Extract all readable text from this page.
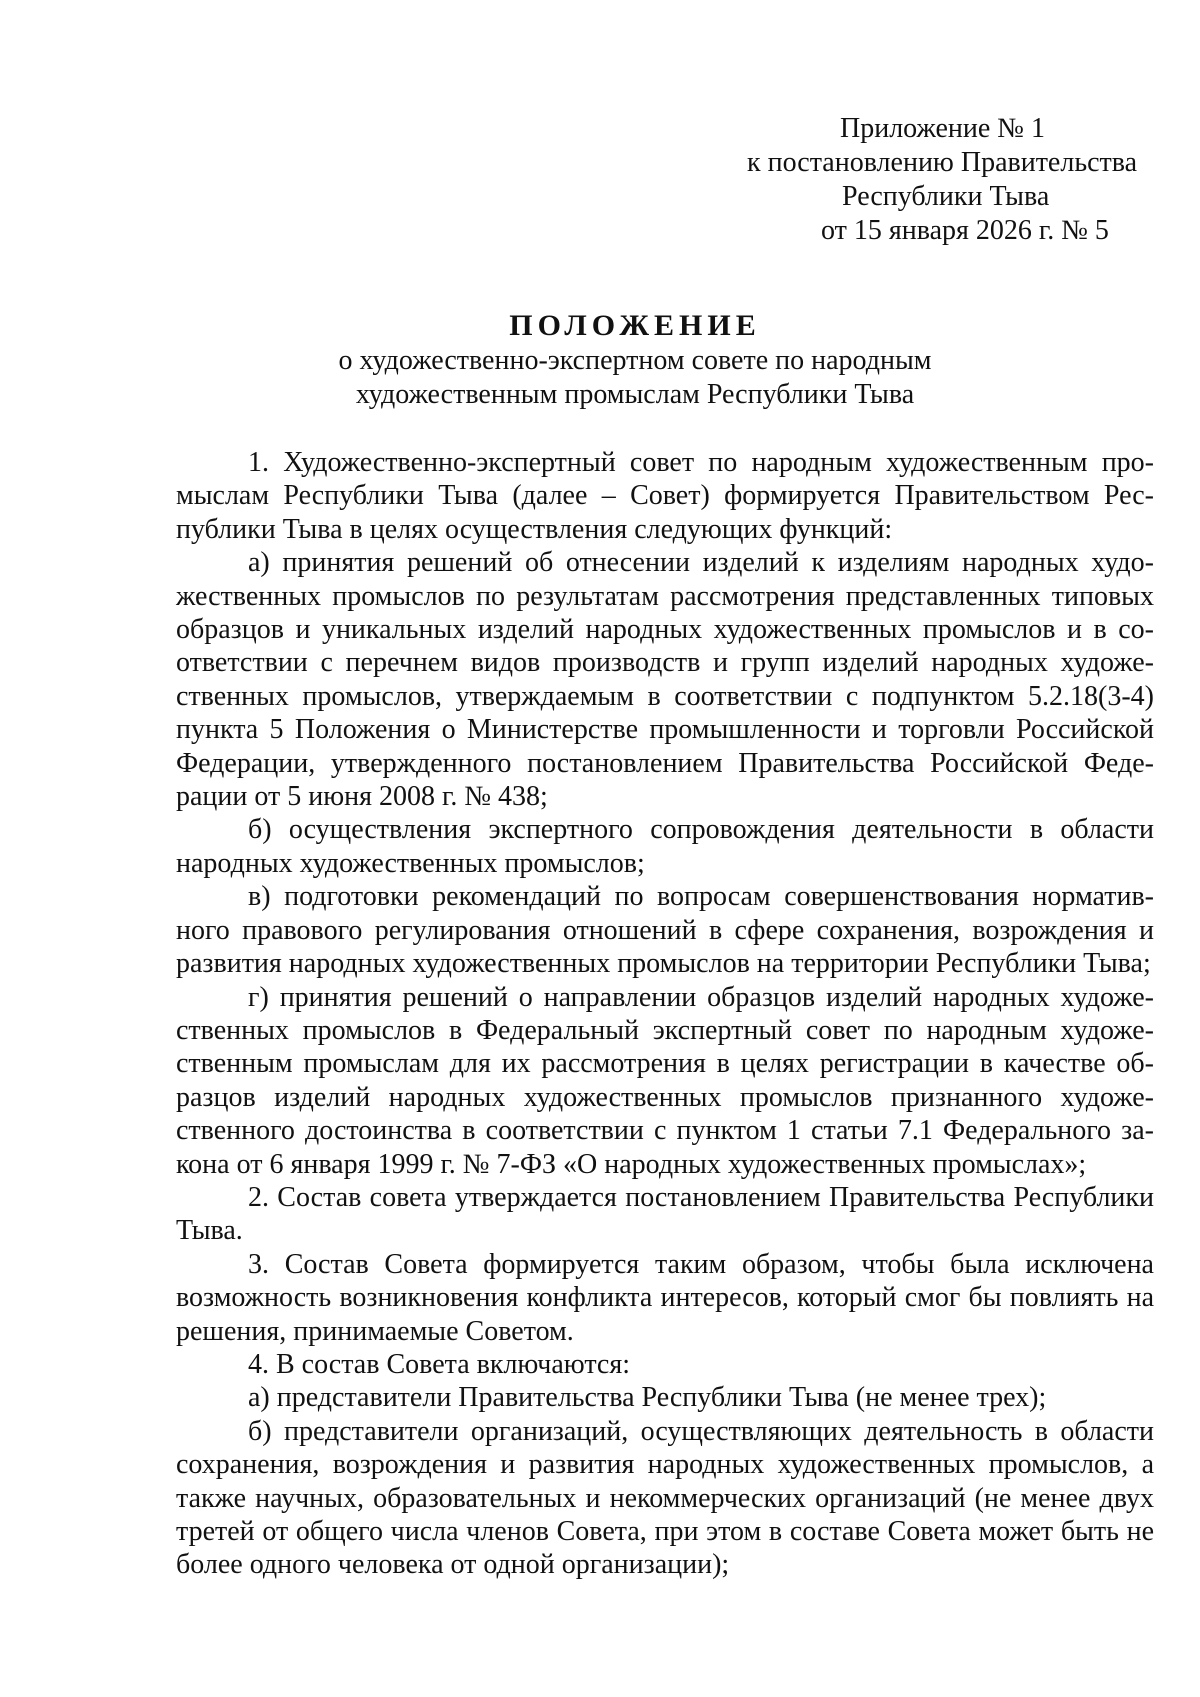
Приложение № 1
к постановлению Правительства
Республики Тыва
от 15 января 2026 г. № 5
ПОЛОЖЕНИЕ
о художественно-экспертном совете по народным
художественным промыслам Республики Тыва

1. Художественно-экспертный совет по народным художественным промыслам Республики Тыва (далее – Совет) формируется Правительством Республики Тыва в целях осуществления следующих функций:

а) принятия решений об отнесении изделий к изделиям народных художественных промыслов по результатам рассмотрения представленных типовых образцов и уникальных изделий народных художественных промыслов и в соответствии с перечнем видов производств и групп изделий народных художественных промыслов, утверждаемым в соответствии с подпунктом 5.2.18(3-4) пункта 5 Положения о Министерстве промышленности и торговли Российской Федерации, утвержденного постановлением Правительства Российской Федерации от 5 июня 2008 г. № 438;

б) осуществления экспертного сопровождения деятельности в области народных художественных промыслов;

в) подготовки рекомендаций по вопросам совершенствования нормативного правового регулирования отношений в сфере сохранения, возрождения и развития народных художественных промыслов на территории Республики Тыва;

г) принятия решений о направлении образцов изделий народных художественных промыслов в Федеральный экспертный совет по народным художественным промыслам для их рассмотрения в целях регистрации в качестве образцов изделий народных художественных промыслов признанного художественного достоинства в соответствии с пунктом 1 статьи 7.1 Федерального закона от 6 января 1999 г. № 7-ФЗ «О народных художественных промыслах»;

2. Состав совета утверждается постановлением Правительства Республики Тыва.

3. Состав Совета формируется таким образом, чтобы была исключена возможность возникновения конфликта интересов, который смог бы повлиять на решения, принимаемые Советом.

4. В состав Совета включаются:

а) представители Правительства Республики Тыва (не менее трех);

б) представители организаций, осуществляющих деятельность в области сохранения, возрождения и развития народных художественных промыслов, а также научных, образовательных и некоммерческих организаций (не менее двух третей от общего числа членов Совета, при этом в составе Совета может быть не более одного человека от одной организации);
